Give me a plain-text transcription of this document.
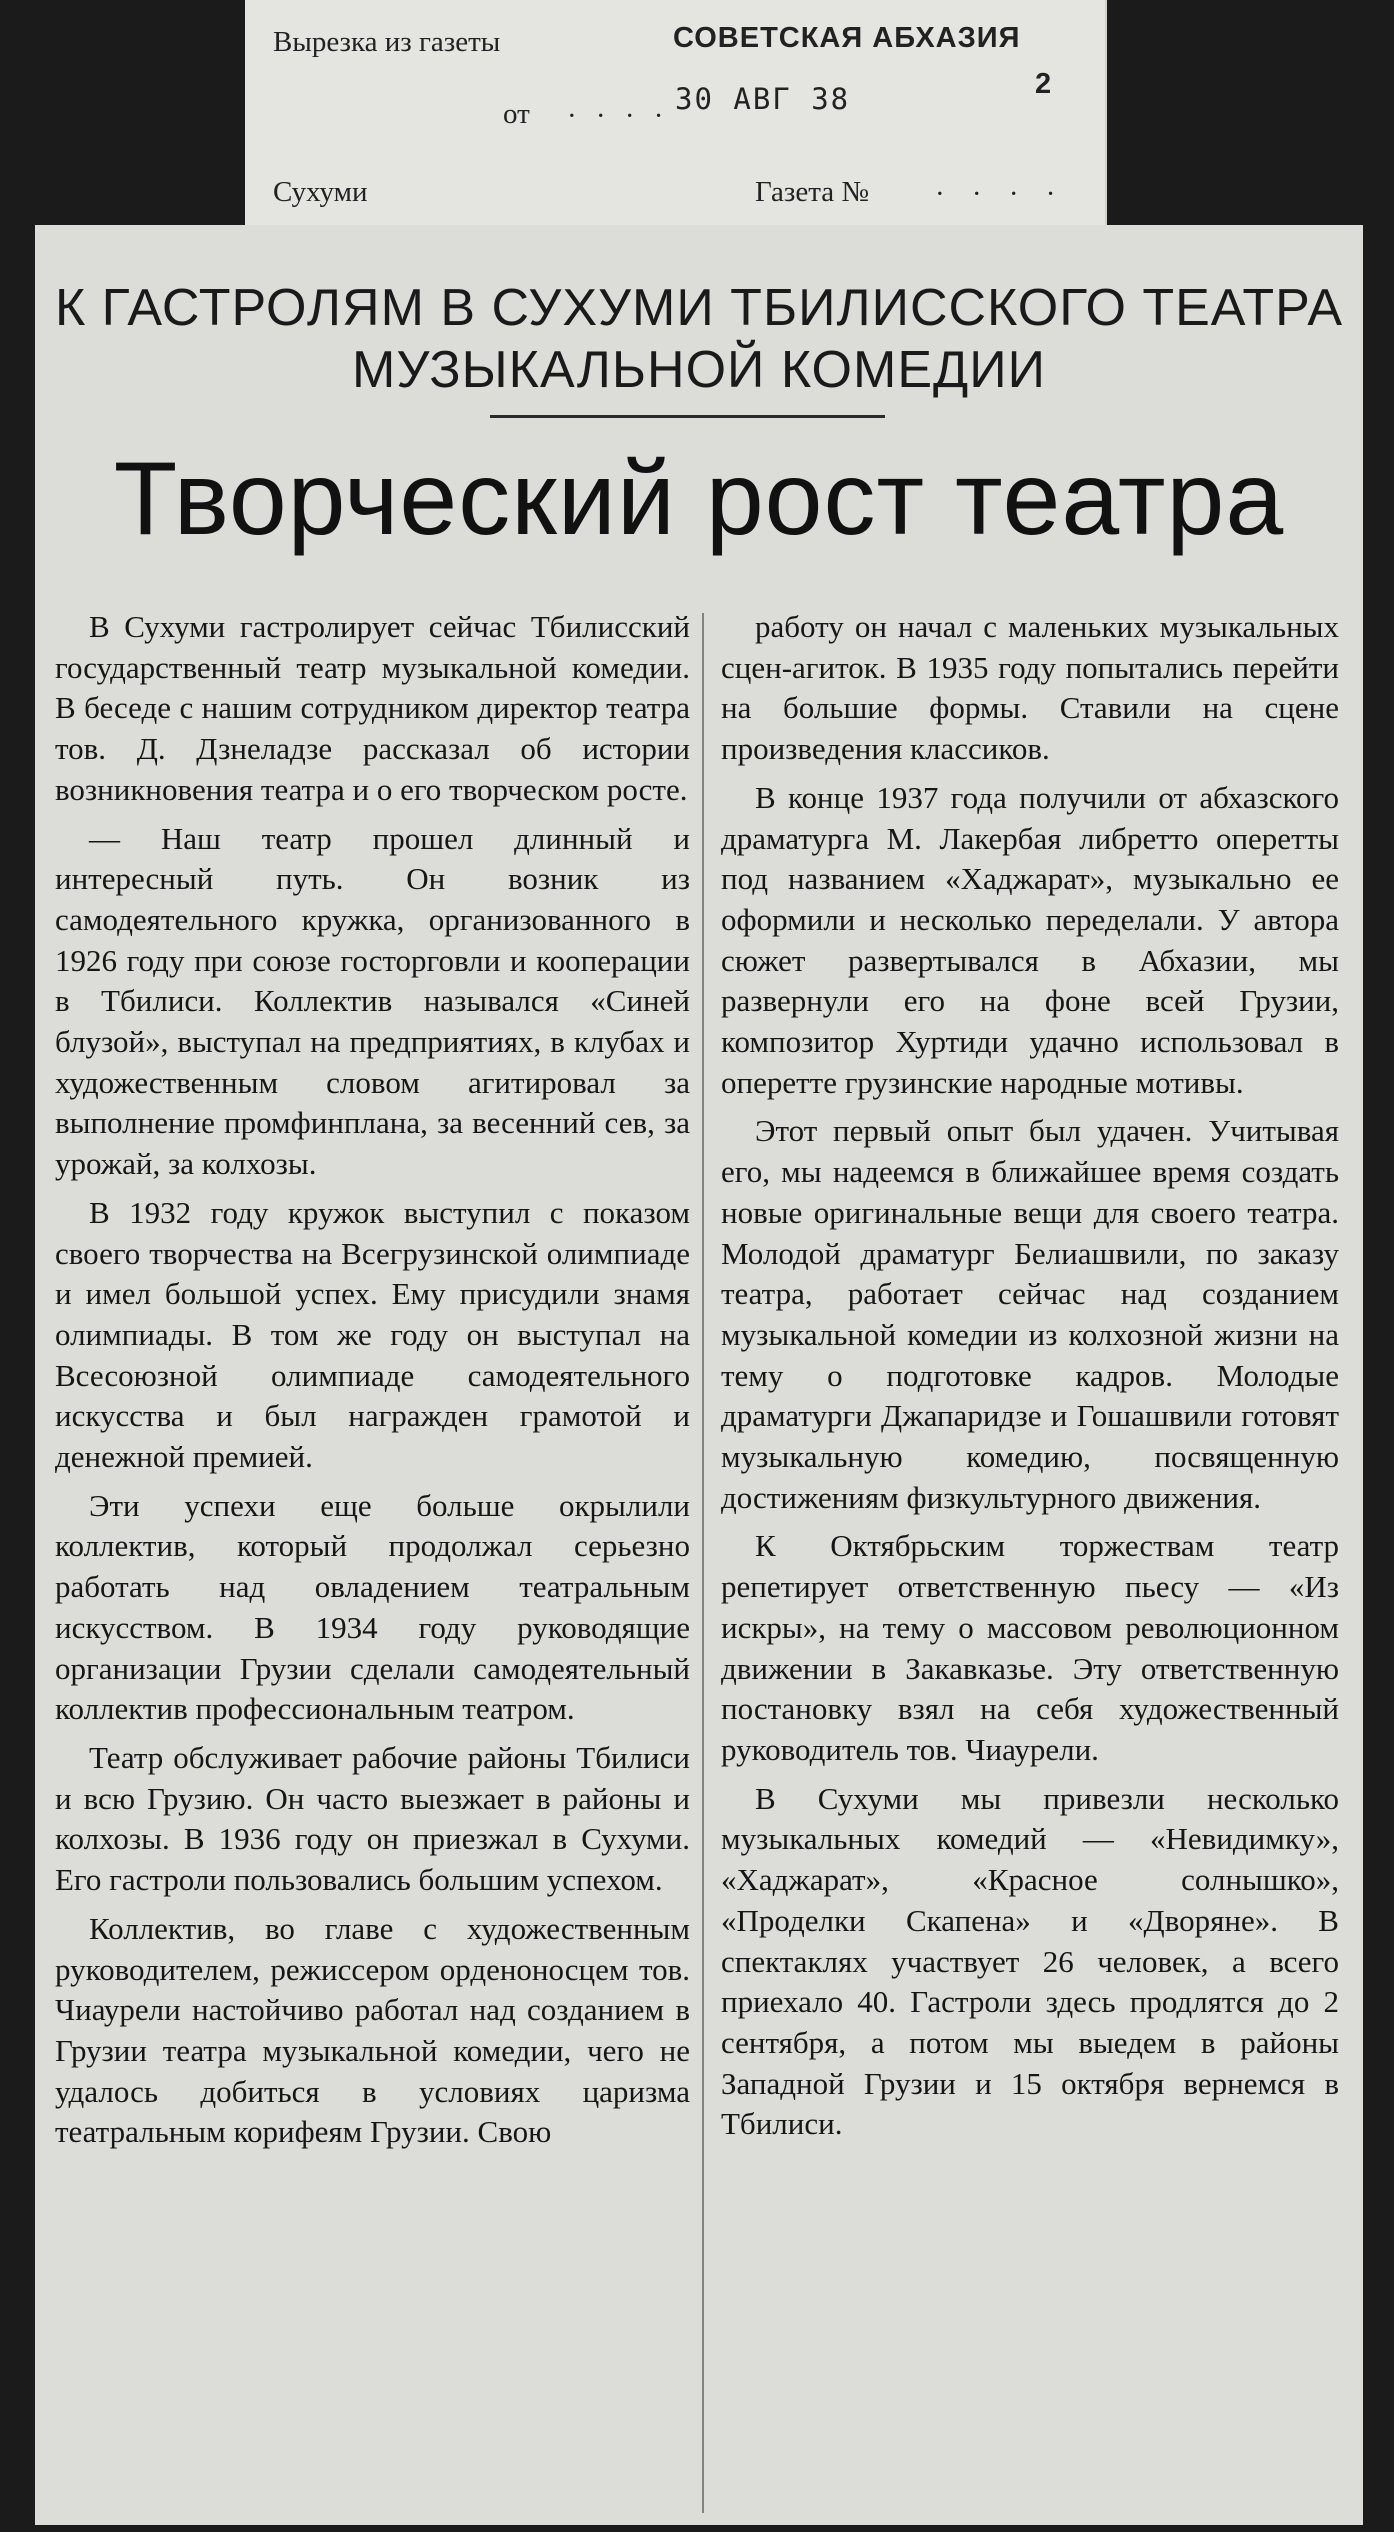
Вырезка из газеты	СОВЕТСКАЯ АБХАЗИЯ
от · · · · 30 АВГ 38	2
Сухуми	Газета № · · · ·
К ГАСТРОЛЯМ В СУХУМИ ТБИЛИССКОГО ТЕАТРА
МУЗЫКАЛЬНОЙ КОМЕДИИ
Творческий рост театра

В Сухуми гастролирует сейчас Тбилисский государственный театр музыкальной комедии. В беседе с нашим сотрудником директор театра тов. Д. Дзнеладзе рассказал об истории возникновения театра и о его творческом росте.

— Наш театр прошел длинный и интересный путь. Он возник из самодеятельного кружка, организованного в 1926 году при союзе госторговли и кооперации в Тбилиси. Коллектив назывался «Синей блузой», выступал на предприятиях, в клубах и художественным словом агитировал за выполнение промфинплана, за весенний сев, за урожай, за колхозы.

В 1932 году кружок выступил с показом своего творчества на Всегрузинской олимпиаде и имел большой успех. Ему присудили знамя олимпиады. В том же году он выступал на Всесоюзной олимпиаде самодеятельного искусства и был награжден грамотой и денежной премией.

Эти успехи еще больше окрылили коллектив, который продолжал серьезно работать над овладением театральным искусством. В 1934 году руководящие организации Грузии сделали самодеятельный коллектив профессиональным театром.

Театр обслуживает рабочие районы Тбилиси и всю Грузию. Он часто выезжает в районы и колхозы. В 1936 году он приезжал в Сухуми. Его гастроли пользовались большим успехом.

Коллектив, во главе с художественным руководителем, режиссером орденоносцем тов. Чиаурели настойчиво работал над созданием в Грузии театра музыкальной комедии, чего не удалось добиться в условиях царизма театральным корифеям Грузии. Свою

работу он начал с маленьких музыкальных сцен-агиток. В 1935 году попытались перейти на большие формы. Ставили на сцене произведения классиков.

В конце 1937 года получили от абхазского драматурга М. Лакербая либретто оперетты под названием «Хаджарат», музыкально ее оформили и несколько переделали. У автора сюжет развертывался в Абхазии, мы развернули его на фоне всей Грузии, композитор Хуртиди удачно использовал в оперетте грузинские народные мотивы.

Этот первый опыт был удачен. Учитывая его, мы надеемся в ближайшее время создать новые оригинальные вещи для своего театра. Молодой драматург Белиашвили, по заказу театра, работает сейчас над созданием музыкальной комедии из колхозной жизни на тему о подготовке кадров. Молодые драматурги Джапаридзе и Гошашвили готовят музыкальную комедию, посвященную достижениям физкультурного движения.

К Октябрьским торжествам театр репетирует ответственную пьесу — «Из искры», на тему о массовом революционном движении в Закавказье. Эту ответственную постановку взял на себя художественный руководитель тов. Чиаурели.

В Сухуми мы привезли несколько музыкальных комедий — «Невидимку», «Хаджарат», «Красное солнышко», «Проделки Скапена» и «Дворяне». В спектаклях участвует 26 человек, а всего приехало 40. Гастроли здесь продлятся до 2 сентября, а потом мы выедем в районы Западной Грузии и 15 октября вернемся в Тбилиси.
